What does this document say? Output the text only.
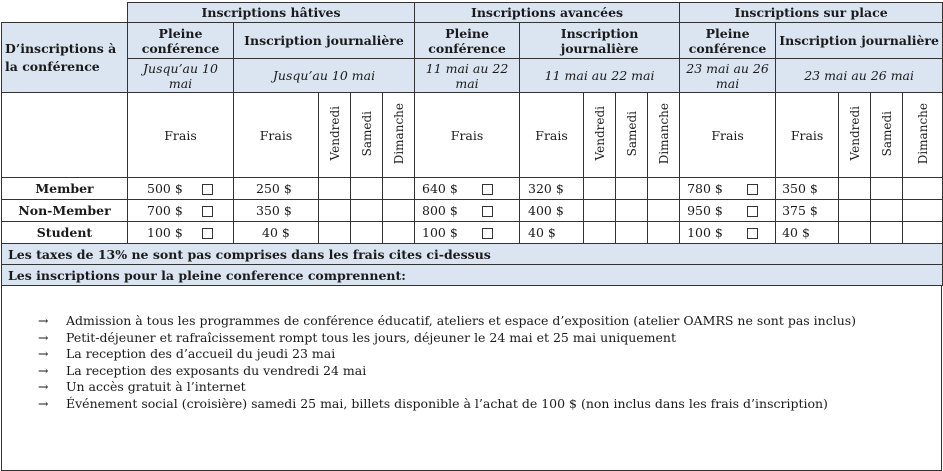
	Inscriptions hâtives					Inscriptions avancées					Inscriptions sur place				
D’inscriptions à la conférence	Pleine conférence	Inscription journalière				Pleine conférence	Inscription journalière				Pleine conférence	Inscription journalière			
	Jusqu’au 10 mai	Jusqu’au 10 mai				11 mai au 22 mai	11 mai au 22 mai				23 mai au 26 mai	23 mai au 26 mai			
	Frais	Frais	Vendredi	Samedi	Dimanche	Frais	Frais	Vendredi	Samedi	Dimanche	Frais	Frais	Vendredi	Samedi	Dimanche
Member	500 $	250 $				640 $	320 $				780 $	350 $			
Non-Member	700 $	350 $				800 $	400 $				950 $	375 $			
Student	100 $	40 $				100 $	40 $				100 $	40 $			
Les taxes de 13% ne sont pas comprises dans les frais cites ci-dessus															
Les inscriptions pour la pleine conference comprennent:															
→ Admission à tous les programmes de conférence éducatif, ateliers et espace d’exposition (atelier OAMRS ne sont pas inclus)
→ Petit-déjeuner et rafraîcissement rompt tous les jours, déjeuner le 24 mai et 25 mai uniquement
→ La reception des d’accueil du jeudi 23 mai
→ La reception des exposants du vendredi 24 mai
→ Un accès gratuit à l’internet
→ Événement social (croisière) samedi 25 mai, billets disponible à l’achat de 100 $ (non inclus dans les frais d’inscription)
